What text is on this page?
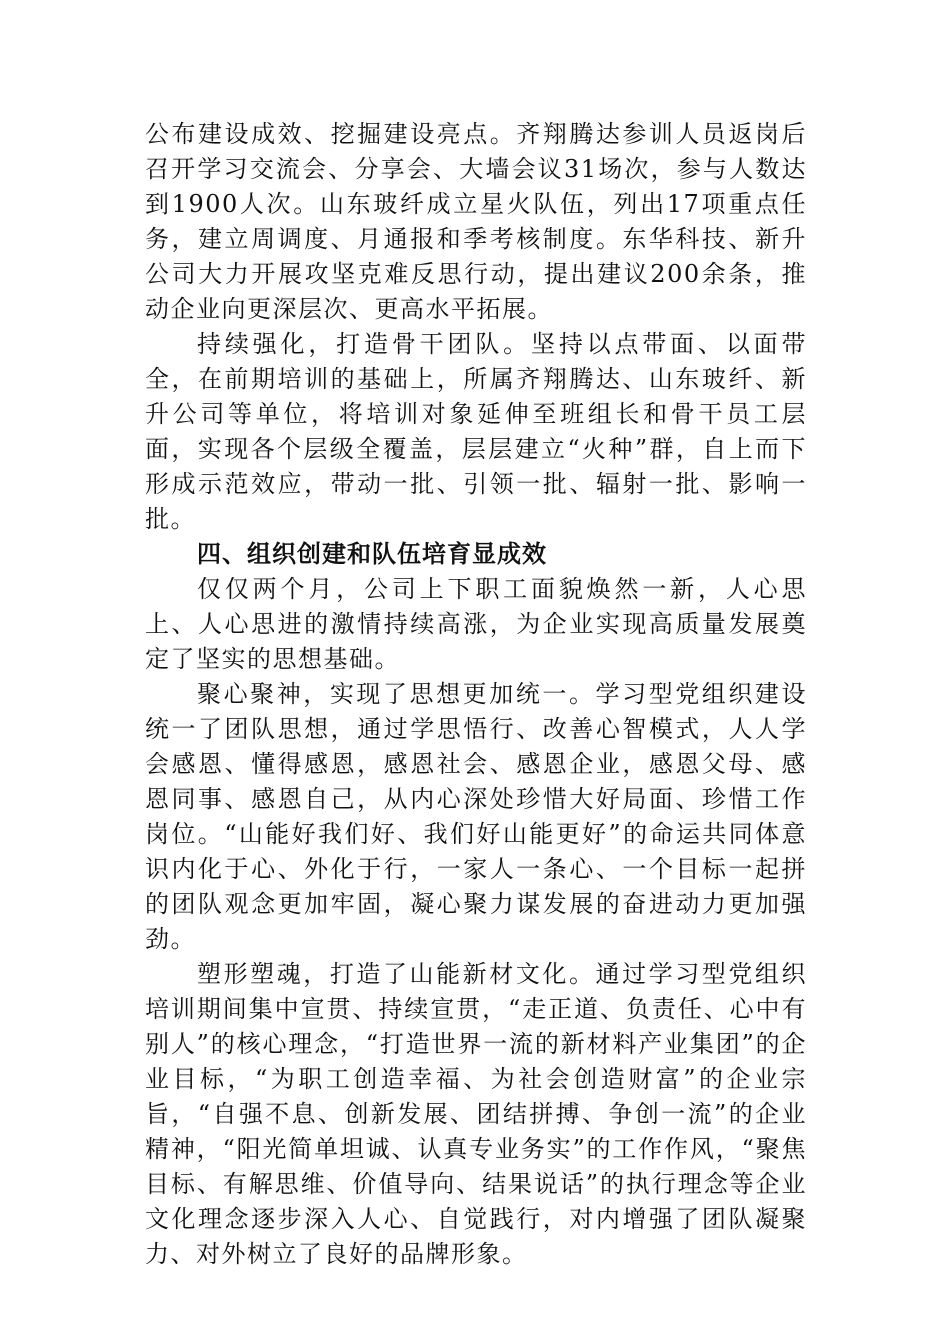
公布建设成效、挖掘建设亮点。齐翔腾达参训人员返岗后召开学习交流会、分享会、大墙会议31场次，参与人数达到1900人次。山东玻纤成立星火队伍，列出17项重点任务，建立周调度、月通报和季考核制度。东华科技、新升公司大力开展攻坚克难反思行动，提出建议200余条，推动企业向更深层次、更高水平拓展。

持续强化，打造骨干团队。坚持以点带面、以面带全，在前期培训的基础上，所属齐翔腾达、山东玻纤、新升公司等单位，将培训对象延伸至班组长和骨干员工层面，实现各个层级全覆盖，层层建立“火种”群，自上而下形成示范效应，带动一批、引领一批、辐射一批、影响一批。

四、组织创建和队伍培育显成效

仅仅两个月，公司上下职工面貌焕然一新，人心思上、人心思进的激情持续高涨，为企业实现高质量发展奠定了坚实的思想基础。

聚心聚神，实现了思想更加统一。学习型党组织建设统一了团队思想，通过学思悟行、改善心智模式，人人学会感恩、懂得感恩，感恩社会、感恩企业，感恩父母、感恩同事、感恩自己，从内心深处珍惜大好局面、珍惜工作岗位。“山能好我们好、我们好山能更好”的命运共同体意识内化于心、外化于行，一家人一条心、一个目标一起拼的团队观念更加牢固，凝心聚力谋发展的奋进动力更加强劲。

塑形塑魂，打造了山能新材文化。通过学习型党组织培训期间集中宣贯、持续宣贯，“走正道、负责任、心中有别人”的核心理念，“打造世界一流的新材料产业集团”的企业目标，“为职工创造幸福、为社会创造财富”的企业宗旨，“自强不息、创新发展、团结拼搏、争创一流”的企业精神，“阳光简单坦诚、认真专业务实”的工作作风，“聚焦目标、有解思维、价值导向、结果说话”的执行理念等企业文化理念逐步深入人心、自觉践行，对内增强了团队凝聚力、对外树立了良好的品牌形象。
